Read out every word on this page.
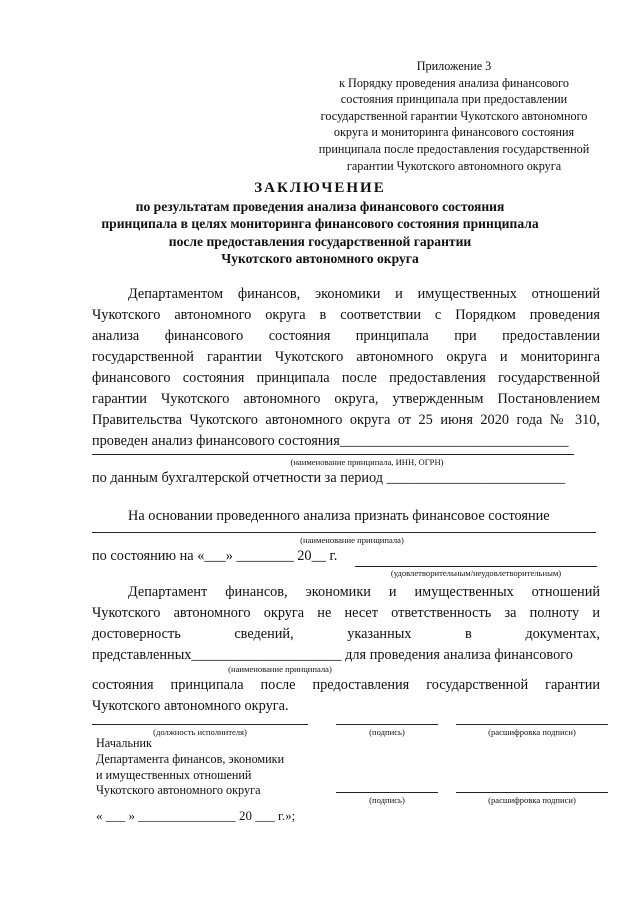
Приложение 3
к Порядку проведения анализа финансового
состояния принципала при предоставлении
государственной гарантии Чукотского автономного
округа и мониторинга финансового состояния
принципала после предоставления государственной
гарантии Чукотского автономного округа
ЗАКЛЮЧЕНИЕ
по результатам проведения анализа финансового состояния
принципала в целях мониторинга финансового состояния принципала
после предоставления государственной гарантии
Чукотского автономного округа
Департаментом финансов, экономики и имущественных отношений
Чукотского автономного округа в соответствии с Порядком проведения
анализа финансового состояния принципала при предоставлении
государственной гарантии Чукотского автономного округа и мониторинга
финансового состояния принципала после предоставления государственной
гарантии Чукотского автономного округа, утвержденным Постановлением
Правительства Чукотского автономного округа от 25 июня 2020 года № 310,
проведен анализ финансового состояния________________________________
(наименование принципала, ИНН, ОГРН)
по данным бухгалтерской отчетности за период _________________________
На основании проведенного анализа признать финансовое состояние
(наименование принципала)
по состоянию на «___» ________ 20__ г.
(удовлетворительным/неудовлетворительным)
Департамент финансов, экономики и имущественных отношений
Чукотского автономного округа не несет ответственность за полноту и
достоверность сведений, указанных в документах,
представленных_____________________ для проведения анализа финансового
(наименование принципала)
состояния принципала после предоставления государственной гарантии
Чукотского автономного округа.
(должность исполнителя)	(подпись)	(расшифровка подписи)
Начальник
Департамента финансов, экономики
и имущественных отношений
Чукотского автономного округа
(подпись)	(расшифровка подписи)
« ___ » _______________ 20 ___ г.»;
